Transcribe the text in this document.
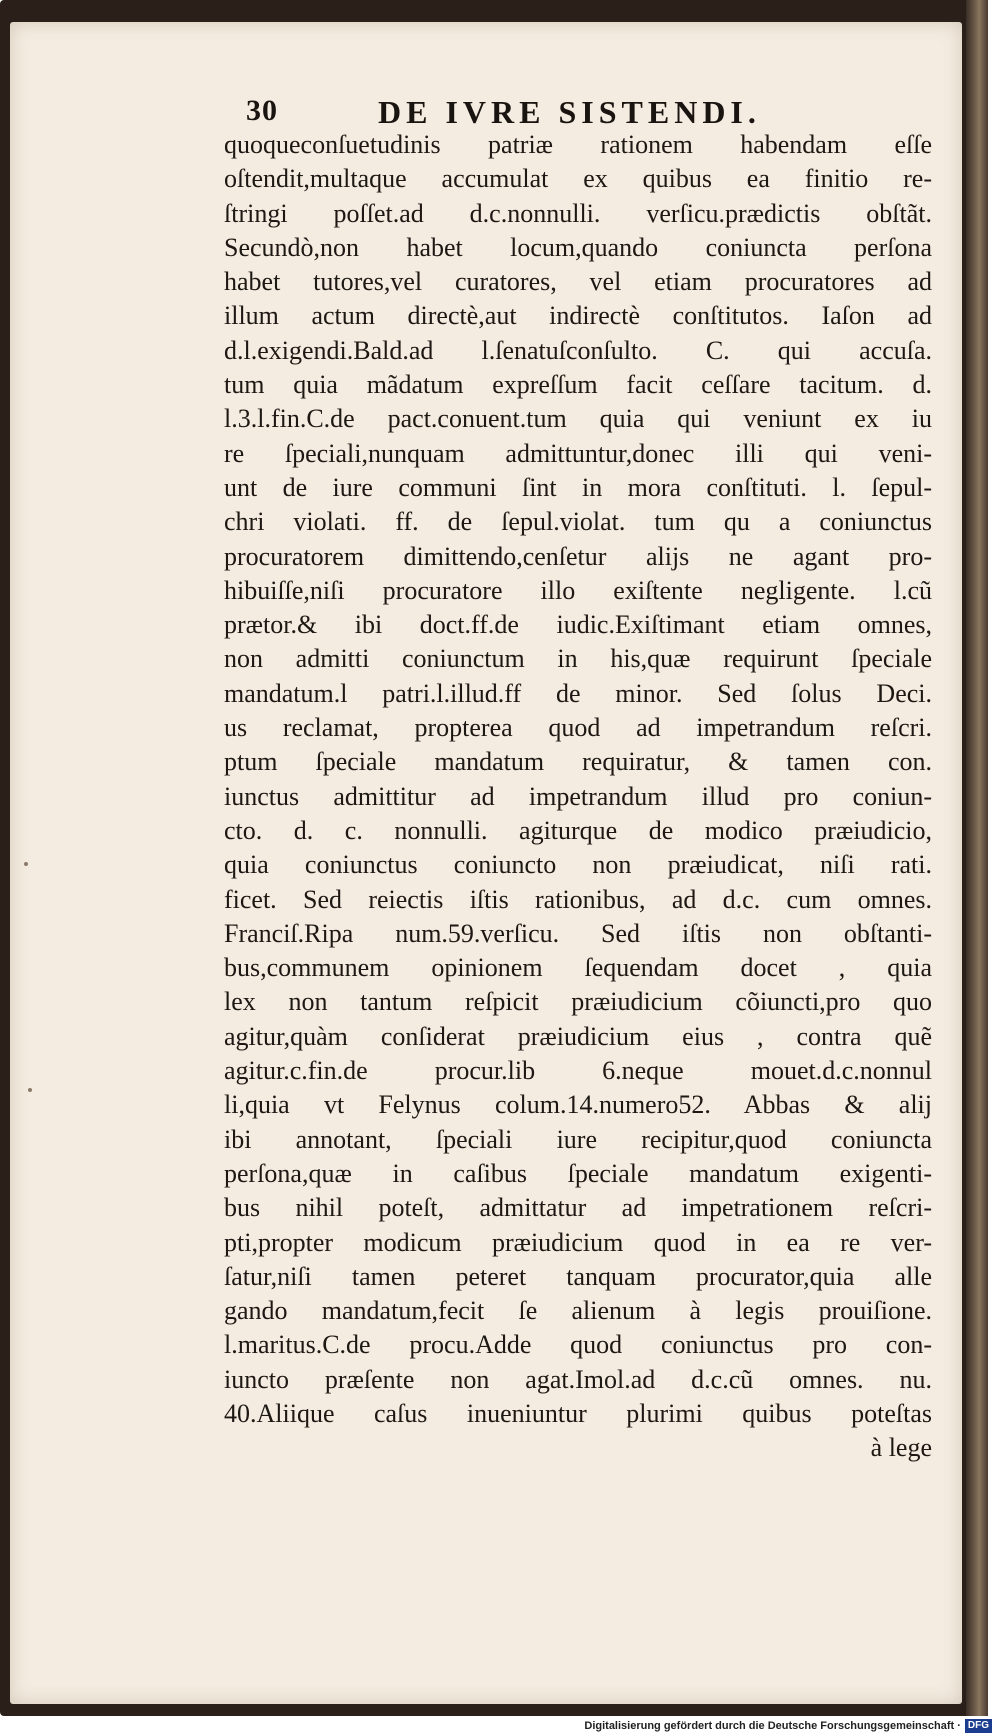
30	DE IVRE SISTENDI.
quoqueconſuetudinis patriæ rationem habendam eſſe
oſtendit,multaque accumulat ex quibus ea finitio re-
ſtringi poſſet.ad d.c.nonnulli. verſicu.prædictis obſtãt.
Secundò,non habet locum,quando coniuncta perſona
habet tutores,vel curatores, vel etiam procuratores ad
illum actum directè,aut indirectè conſtitutos. Iaſon ad
d.l.exigendi.Bald.ad l.ſenatuſconſulto. C. qui accuſa.
tum quia mãdatum expreſſum facit ceſſare tacitum. d.
l.3.l.fin.C.de pact.conuent.tum quia qui veniunt ex iu
re ſpeciali,nunquam admittuntur,donec illi qui veni-
unt de iure communi ſint in mora conſtituti. l. ſepul-
chri violati. ff. de ſepul.violat. tum qu a coniunctus
procuratorem dimittendo,cenſetur alijs ne agant pro-
hibuiſſe,niſi procuratore illo exiſtente negligente. l.cũ
prætor.& ibi doct.ff.de iudic.Exiſtimant etiam omnes,
non admitti coniunctum in his,quæ requirunt ſpeciale
mandatum.l patri.l.illud.ff de minor. Sed ſolus Deci.
us reclamat, propterea quod ad impetrandum reſcri.
ptum ſpeciale mandatum requiratur, & tamen con.
iunctus admittitur ad impetrandum illud pro coniun-
cto. d. c. nonnulli. agiturque de modico præiudicio,
quia coniunctus coniuncto non præiudicat, niſi rati.
ficet. Sed reiectis iſtis rationibus, ad d.c. cum omnes.
Franciſ.Ripa num.59.verſicu. Sed iſtis non obſtanti-
bus,communem opinionem ſequendam docet , quia
lex non tantum reſpicit præiudicium cõiuncti,pro quo
agitur,quàm conſiderat præiudicium eius , contra quẽ
agitur.c.fin.de procur.lib 6.neque mouet.d.c.nonnul
li,quia vt Felynus colum.14.numero52. Abbas & alij
ibi annotant, ſpeciali iure recipitur,quod coniuncta
perſona,quæ in caſibus ſpeciale mandatum exigenti-
bus nihil poteſt, admittatur ad impetrationem reſcri-
pti,propter modicum præiudicium quod in ea re ver-
ſatur,niſi tamen peteret tanquam procurator,quia alle
gando mandatum,fecit ſe alienum à legis prouiſione.
l.maritus.C.de procu.Adde quod coniunctus pro con-
iuncto præſente non agat.Imol.ad d.c.cũ omnes. nu.
40.Aliique caſus inueniuntur plurimi quibus poteſtas
à lege
Digitalisierung gefördert durch die Deutsche Forschungsgemeinschaft · DFG
